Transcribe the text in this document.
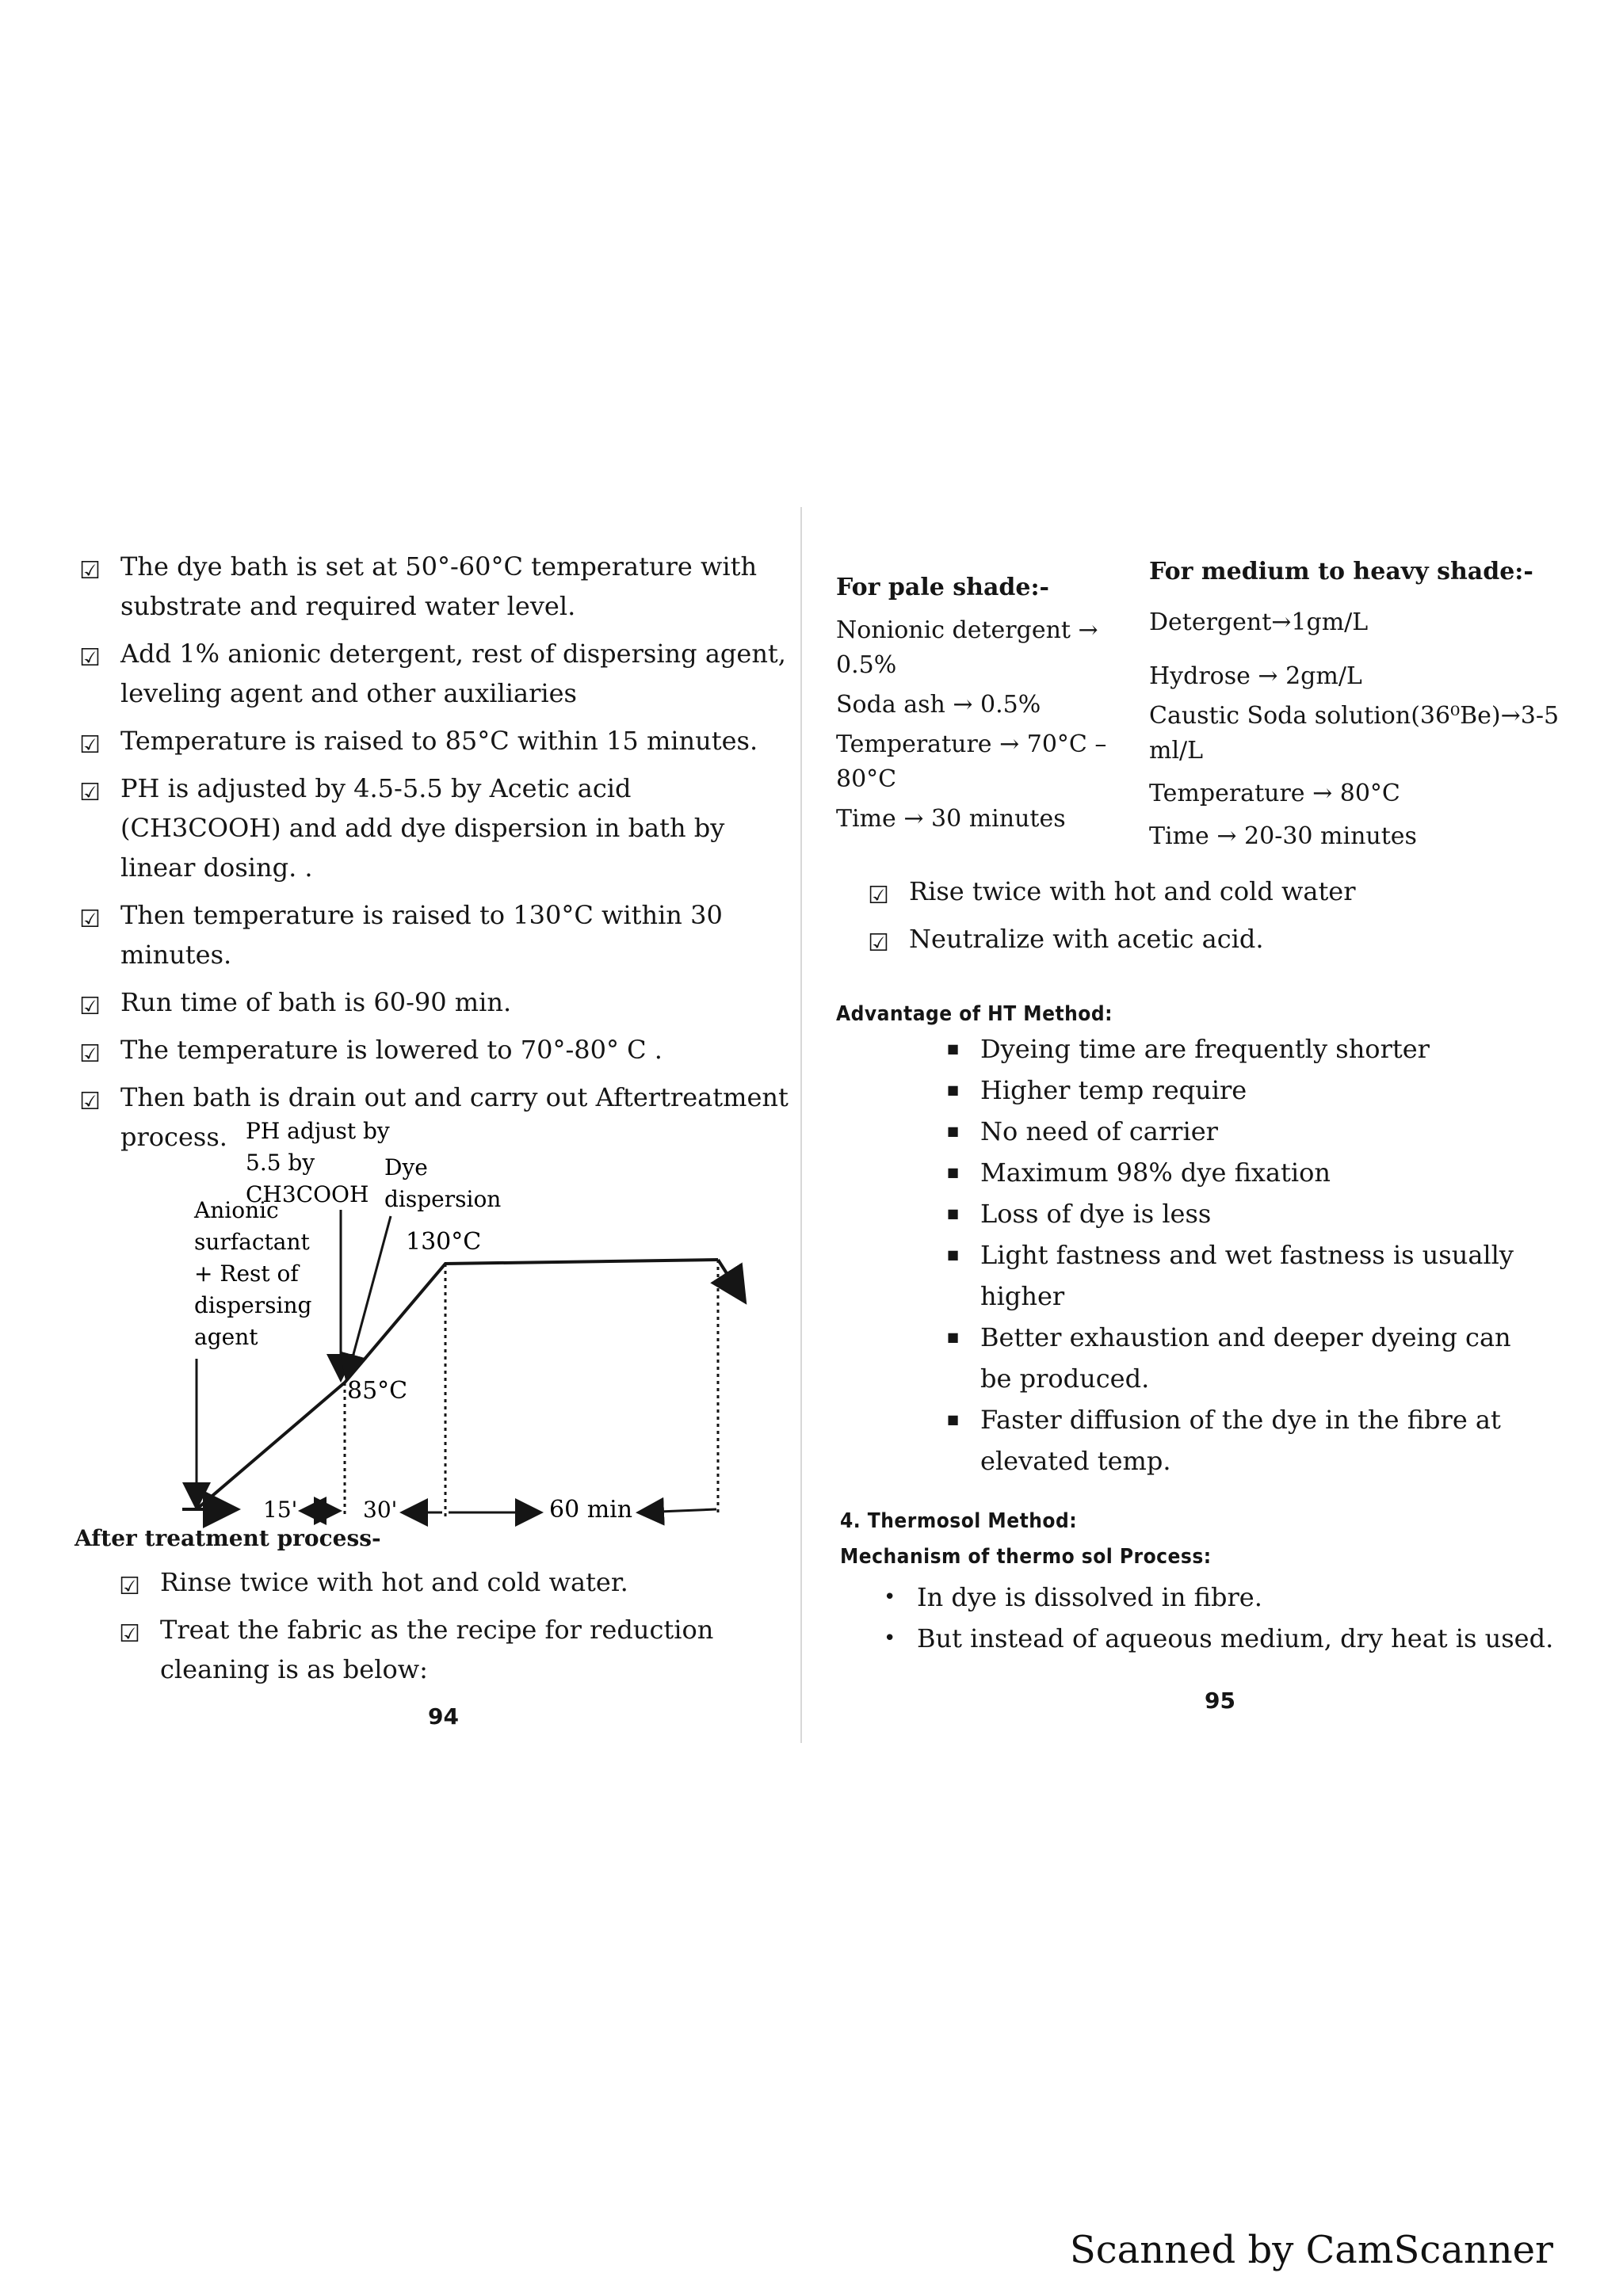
☑ The dye bath is set at 50°-60°C temperature with substrate and required water level.
☑ Add 1% anionic detergent, rest of dispersing agent, leveling agent and other auxiliaries
☑ Temperature is raised to 85°C within 15 minutes.
☑ PH is adjusted by 4.5-5.5 by Acetic acid (CH3COOH) and add dye dispersion in bath by linear dosing. .
☑ Then temperature is raised to 130°C within 30 minutes.
☑ Run time of bath is 60-90 min.
☑ The temperature is lowered to 70°-80° C .
☑ Then bath is drain out and carry out Aftertreatment process. PH adjust by
5.5 by
CH3COOH
Dye
dispersion
Anionic
surfactant
+ Rest of
dispersing
agent
130°C
85°C
15'	30'	60 min
After treatment process-
☑ Rinse twice with hot and cold water.
☑ Treat the fabric as the recipe for reduction cleaning is as below:
94
For pale shade:-
Nonionic detergent → 0.5%
Soda ash → 0.5%
Temperature → 70°C – 80°C
Time → 30 minutes
For medium to heavy shade:-
Detergent→1gm/L
Hydrose → 2gm/L
Caustic Soda solution(36⁰Be)→3-5 ml/L
Temperature → 80°C
Time → 20-30 minutes
☑ Rise twice with hot and cold water
☑ Neutralize with acetic acid.
Advantage of HT Method:
■ Dyeing time are frequently shorter
■ Higher temp require
■ No need of carrier
■ Maximum 98% dye fixation
■ Loss of dye is less
■ Light fastness and wet fastness is usually higher
■ Better exhaustion and deeper dyeing can be produced.
■ Faster diffusion of the dye in the fibre at elevated temp.
4. Thermosol Method:
Mechanism of thermo sol Process:
• In dye is dissolved in fibre.
• But instead of aqueous medium, dry heat is used.
95
Scanned by CamScanner
